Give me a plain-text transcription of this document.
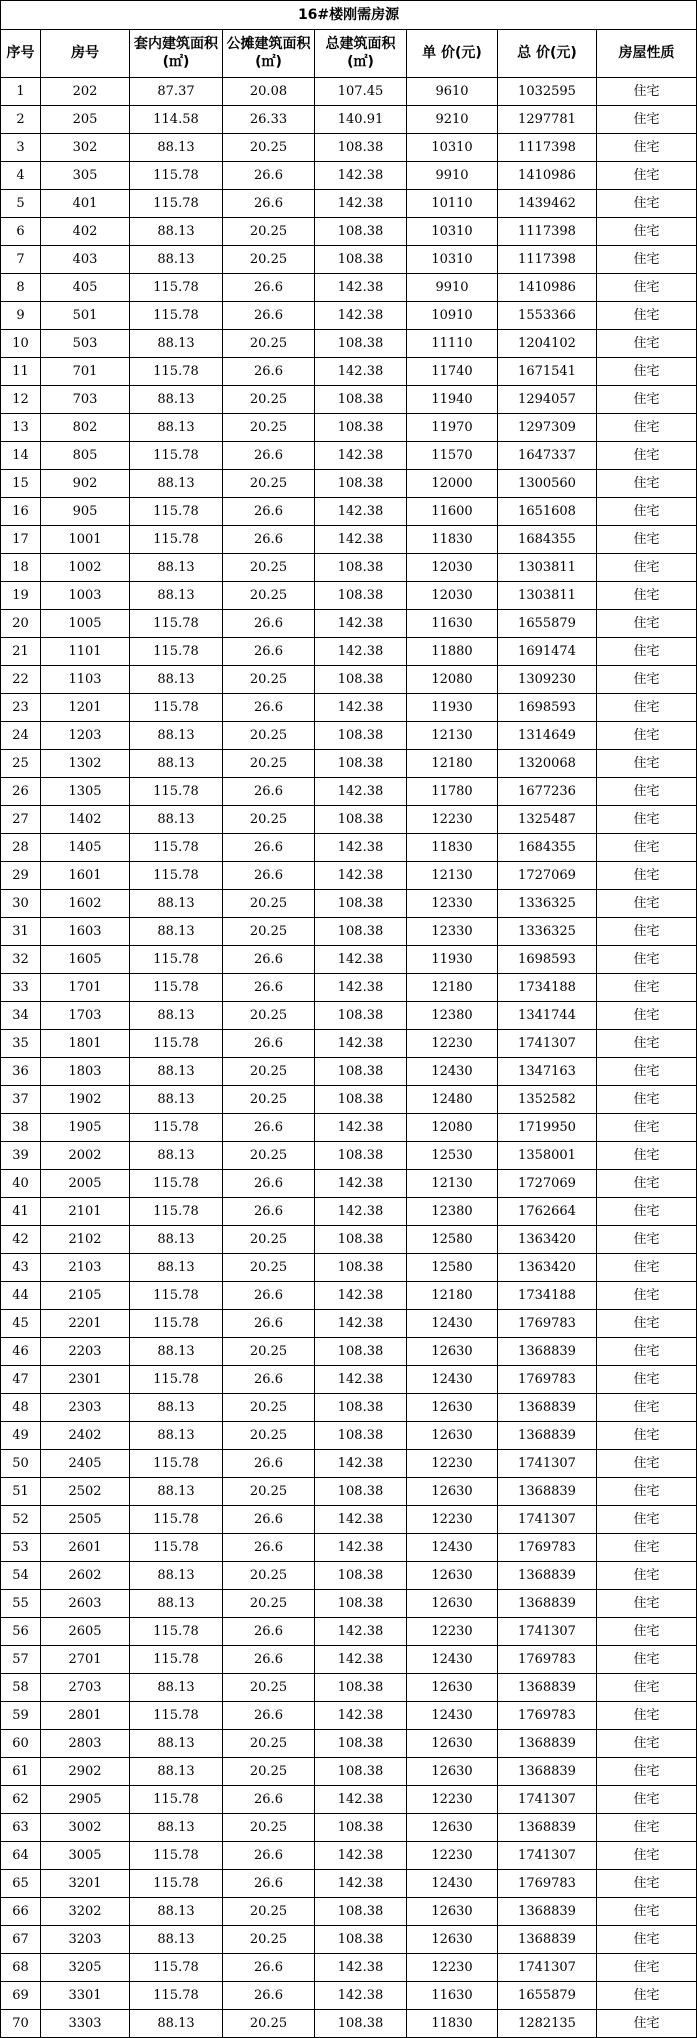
16#楼刚需房源							
序号	房号	套内建筑面积(㎡)	公摊建筑面积(㎡)	总建筑面积(㎡)	单 价(元)	总 价(元)	房屋性质
1	202	87.37	20.08	107.45	9610	1032595	住宅
2	205	114.58	26.33	140.91	9210	1297781	住宅
3	302	88.13	20.25	108.38	10310	1117398	住宅
4	305	115.78	26.6	142.38	9910	1410986	住宅
5	401	115.78	26.6	142.38	10110	1439462	住宅
6	402	88.13	20.25	108.38	10310	1117398	住宅
7	403	88.13	20.25	108.38	10310	1117398	住宅
8	405	115.78	26.6	142.38	9910	1410986	住宅
9	501	115.78	26.6	142.38	10910	1553366	住宅
10	503	88.13	20.25	108.38	11110	1204102	住宅
11	701	115.78	26.6	142.38	11740	1671541	住宅
12	703	88.13	20.25	108.38	11940	1294057	住宅
13	802	88.13	20.25	108.38	11970	1297309	住宅
14	805	115.78	26.6	142.38	11570	1647337	住宅
15	902	88.13	20.25	108.38	12000	1300560	住宅
16	905	115.78	26.6	142.38	11600	1651608	住宅
17	1001	115.78	26.6	142.38	11830	1684355	住宅
18	1002	88.13	20.25	108.38	12030	1303811	住宅
19	1003	88.13	20.25	108.38	12030	1303811	住宅
20	1005	115.78	26.6	142.38	11630	1655879	住宅
21	1101	115.78	26.6	142.38	11880	1691474	住宅
22	1103	88.13	20.25	108.38	12080	1309230	住宅
23	1201	115.78	26.6	142.38	11930	1698593	住宅
24	1203	88.13	20.25	108.38	12130	1314649	住宅
25	1302	88.13	20.25	108.38	12180	1320068	住宅
26	1305	115.78	26.6	142.38	11780	1677236	住宅
27	1402	88.13	20.25	108.38	12230	1325487	住宅
28	1405	115.78	26.6	142.38	11830	1684355	住宅
29	1601	115.78	26.6	142.38	12130	1727069	住宅
30	1602	88.13	20.25	108.38	12330	1336325	住宅
31	1603	88.13	20.25	108.38	12330	1336325	住宅
32	1605	115.78	26.6	142.38	11930	1698593	住宅
33	1701	115.78	26.6	142.38	12180	1734188	住宅
34	1703	88.13	20.25	108.38	12380	1341744	住宅
35	1801	115.78	26.6	142.38	12230	1741307	住宅
36	1803	88.13	20.25	108.38	12430	1347163	住宅
37	1902	88.13	20.25	108.38	12480	1352582	住宅
38	1905	115.78	26.6	142.38	12080	1719950	住宅
39	2002	88.13	20.25	108.38	12530	1358001	住宅
40	2005	115.78	26.6	142.38	12130	1727069	住宅
41	2101	115.78	26.6	142.38	12380	1762664	住宅
42	2102	88.13	20.25	108.38	12580	1363420	住宅
43	2103	88.13	20.25	108.38	12580	1363420	住宅
44	2105	115.78	26.6	142.38	12180	1734188	住宅
45	2201	115.78	26.6	142.38	12430	1769783	住宅
46	2203	88.13	20.25	108.38	12630	1368839	住宅
47	2301	115.78	26.6	142.38	12430	1769783	住宅
48	2303	88.13	20.25	108.38	12630	1368839	住宅
49	2402	88.13	20.25	108.38	12630	1368839	住宅
50	2405	115.78	26.6	142.38	12230	1741307	住宅
51	2502	88.13	20.25	108.38	12630	1368839	住宅
52	2505	115.78	26.6	142.38	12230	1741307	住宅
53	2601	115.78	26.6	142.38	12430	1769783	住宅
54	2602	88.13	20.25	108.38	12630	1368839	住宅
55	2603	88.13	20.25	108.38	12630	1368839	住宅
56	2605	115.78	26.6	142.38	12230	1741307	住宅
57	2701	115.78	26.6	142.38	12430	1769783	住宅
58	2703	88.13	20.25	108.38	12630	1368839	住宅
59	2801	115.78	26.6	142.38	12430	1769783	住宅
60	2803	88.13	20.25	108.38	12630	1368839	住宅
61	2902	88.13	20.25	108.38	12630	1368839	住宅
62	2905	115.78	26.6	142.38	12230	1741307	住宅
63	3002	88.13	20.25	108.38	12630	1368839	住宅
64	3005	115.78	26.6	142.38	12230	1741307	住宅
65	3201	115.78	26.6	142.38	12430	1769783	住宅
66	3202	88.13	20.25	108.38	12630	1368839	住宅
67	3203	88.13	20.25	108.38	12630	1368839	住宅
68	3205	115.78	26.6	142.38	12230	1741307	住宅
69	3301	115.78	26.6	142.38	11630	1655879	住宅
70	3303	88.13	20.25	108.38	11830	1282135	住宅
